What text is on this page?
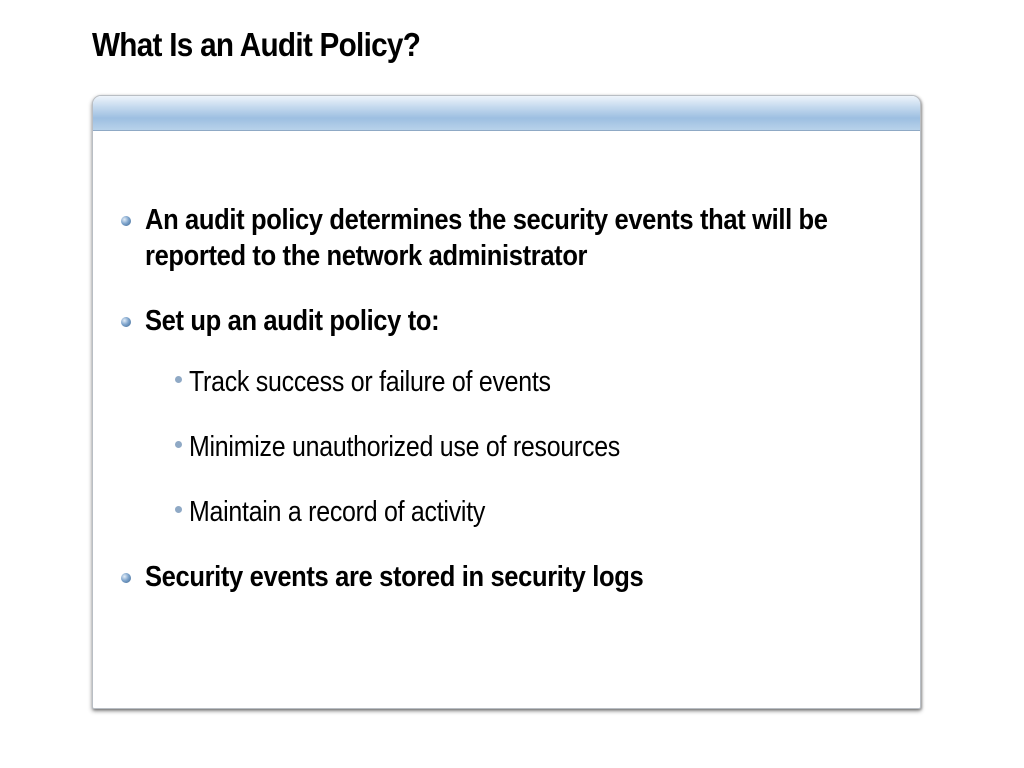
What Is an Audit Policy?

An audit policy determines the security events that will be reported to the network administrator

Set up an audit policy to:

Track success or failure of events

Minimize unauthorized use of resources

Maintain a record of activity

Security events are stored in security logs
